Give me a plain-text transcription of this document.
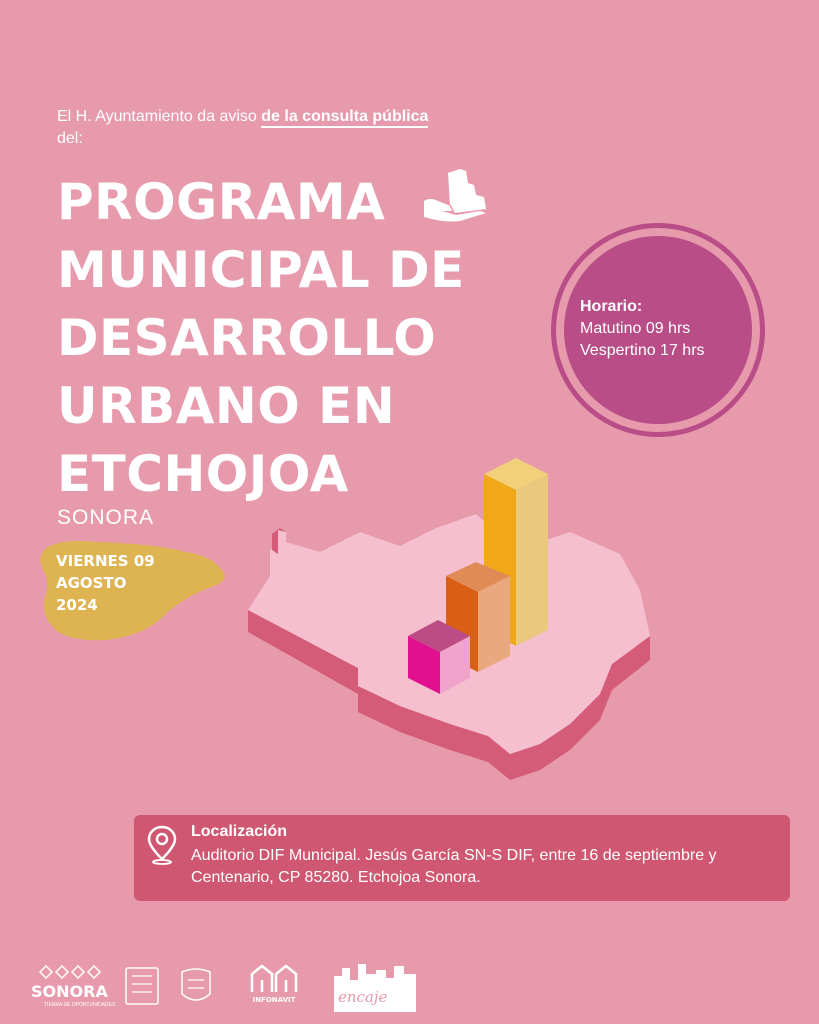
El H. Ayuntamiento da aviso de la consulta pública
del:
PROGRAMA
MUNICIPAL DE
DESARROLLO
URBANO EN
ETCHOJOA
SONORA
VIERNES 09
AGOSTO
2024
Horario:
Matutino 09 hrs
Vespertino 17 hrs
Localización
Auditorio DIF Municipal. Jesús García SN-S DIF, entre 16 de septiembre y Centenario, CP 85280. Etchojoa Sonora.
SONORA
TIERRA DE OPORTUNIDADES
INFONAVIT	encaje
